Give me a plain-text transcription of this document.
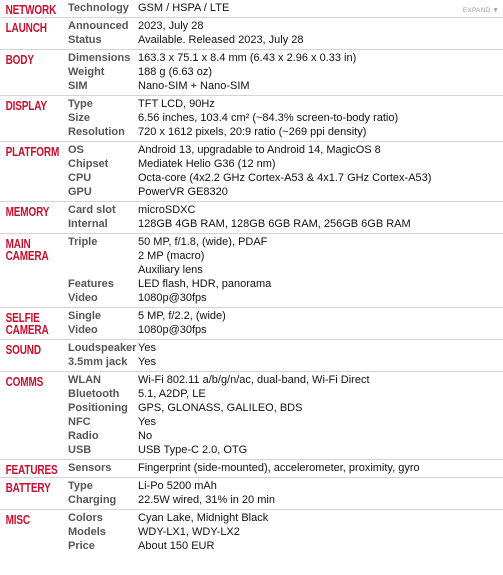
NETWORK	Technology GSM / HSPA / LTE	EXPAND ▼
LAUNCH	Announced 2023, July 28
Status	Available. Released 2023, July 28
BODY	Dimensions 163.3 x 75.1 x 8.4 mm (6.43 x 2.96 x 0.33 in)
Weight	188 g (6.63 oz)
SIM	Nano-SIM + Nano-SIM
DISPLAY	Type	TFT LCD, 90Hz
Size	6.56 inches, 103.4 cm² (~84.3% screen-to-body ratio)
Resolution	720 x 1612 pixels, 20:9 ratio (~269 ppi density)
PLATFORM OS	Android 13, upgradable to Android 14, MagicOS 8
Chipset	Mediatek Helio G36 (12 nm)
CPU	Octa-core (4x2.2 GHz Cortex-A53 & 4x1.7 GHz Cortex-A53)
GPU	PowerVR GE8320
MEMORY	Card slot	microSDXC
Internal	128GB 4GB RAM, 128GB 6GB RAM, 256GB 6GB RAM
MAIN CAMERA
Triple	50 MP, f/1.8, (wide), PDAF
2 MP (macro)
Auxiliary lens
Features	LED flash, HDR, panorama
Video	1080p@30fps
SELFIE CAMERA
Single	5 MP, f/2.2, (wide)
Video	1080p@30fps
SOUND	Loudspeaker Yes
3.5mm jack Yes
COMMS	WLAN	Wi-Fi 802.11 a/b/g/n/ac, dual-band, Wi-Fi Direct
Bluetooth	5.1, A2DP, LE
Positioning GPS, GLONASS, GALILEO, BDS
NFC	Yes
Radio	No
USB	USB Type-C 2.0, OTG
FEATURES Sensors	Fingerprint (side-mounted), accelerometer, proximity, gyro
BATTERY	Type	Li-Po 5200 mAh
Charging	22.5W wired, 31% in 20 min
MISC	Colors	Cyan Lake, Midnight Black
Models	WDY-LX1, WDY-LX2
Price	About 150 EUR
